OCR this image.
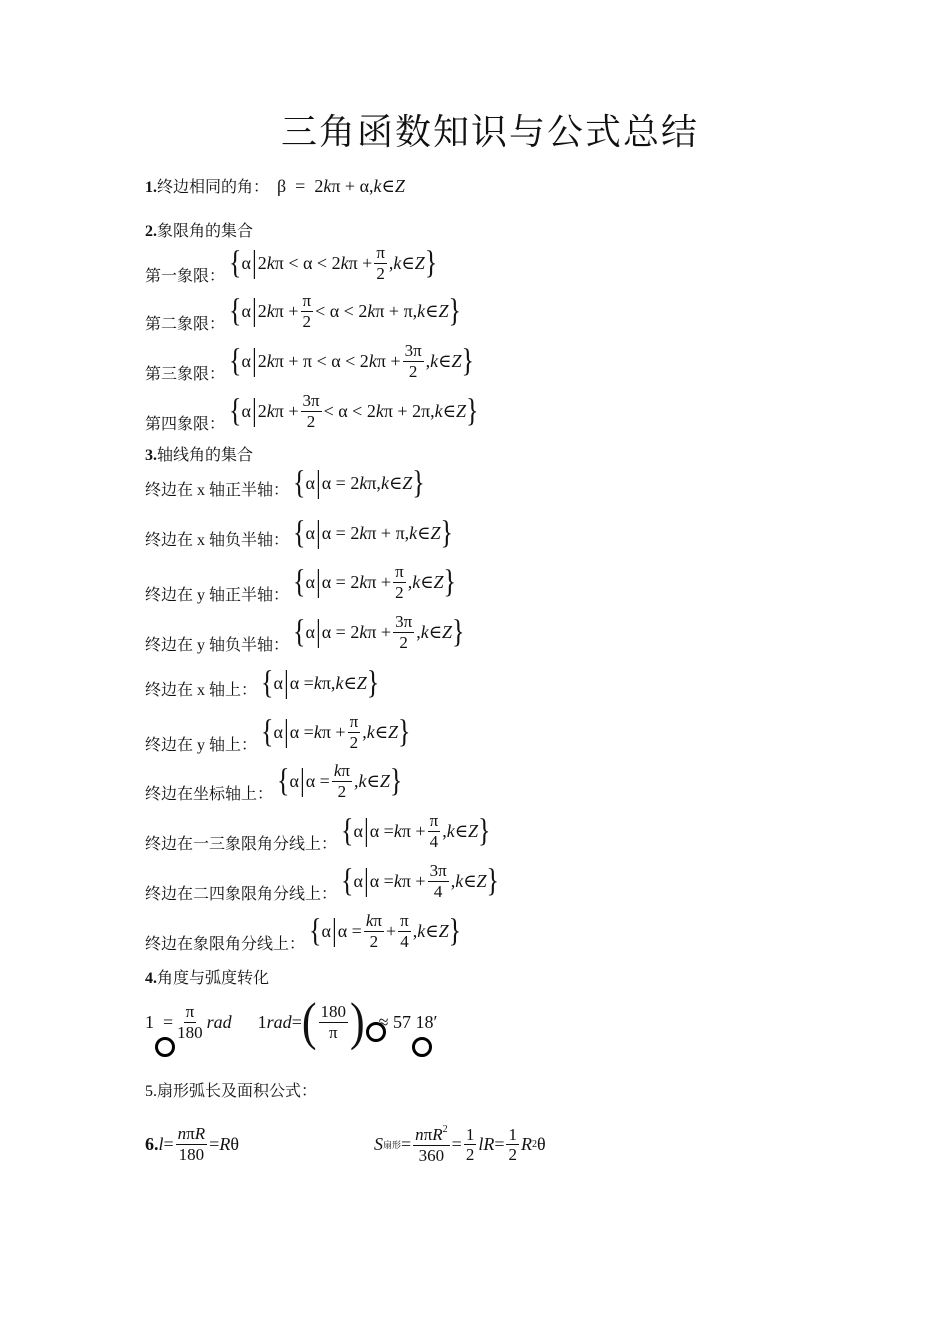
三角函数知识与公式总结
1.终边相同的角： β  =  2 k π + α, k ∈ Z
2.象限角的集合
第一象限： { α | 2 k π < α < 2 k $\pi + \frac{\pi}{2}$ , k ∈ Z }
第二象限： { α | 2 k $\pi + \frac{\pi}{2} < \alpha < 2$ k π + π, k ∈ Z }
第三象限： { α | 2 k π + π < α < 2 k $\pi + \frac{3\pi}{2}$ , k ∈ Z }
第四象限： { α | 2 k $\pi + \frac{3\pi}{2} < \alpha < 2$ k π + 2π, k ∈ Z }
3.轴线角的集合
终边在 x 轴正半轴： { α | α = 2 k π, k ∈ Z }
终边在 x 轴负半轴： { α | α = 2 k π + π, k ∈ Z }
终边在 y 轴正半轴： { α | α = 2 k $\pi + \frac{\pi}{2}$ , k ∈ Z }
终边在 y 轴负半轴： { α | α = 2 k $\pi + \frac{3\pi}{2}$ , k ∈ Z }
终边在 x 轴上： { α | α = k π, k ∈ Z }
终边在 y 轴上： { α | α = k $\pi + \frac{\pi}{2}$ , k ∈ Z }
终边在坐标轴上： { α | $\alpha = \frac{k\pi}{2}$ , k ∈ Z }
终边在一三象限角分线上： { α | α = k $\pi + \frac{\pi}{4}$ , k ∈ Z }
终边在二四象限角分线上： { α | α = k $\pi + \frac{3\pi}{4}$ , k ∈ Z }
终边在象限角分线上： { α | $\alpha = \frac{k\pi}{2} + \frac{\pi}{4}$ , k ∈ Z }
4.角度与弧度转化
$1 = \frac{\pi}{180}$ rad 1 rad = ( $\frac{180}{\pi}$ ) ≈ 57 18′
5.扇形弧长及面积公式：
6. $l = \frac{\text{nπR}}{180} = R$ θ	S 扇形 = $\frac{n\pi R^2}{360} = \frac{1}{2}$ lR = $\frac{1}{2}$ R 2 θ
